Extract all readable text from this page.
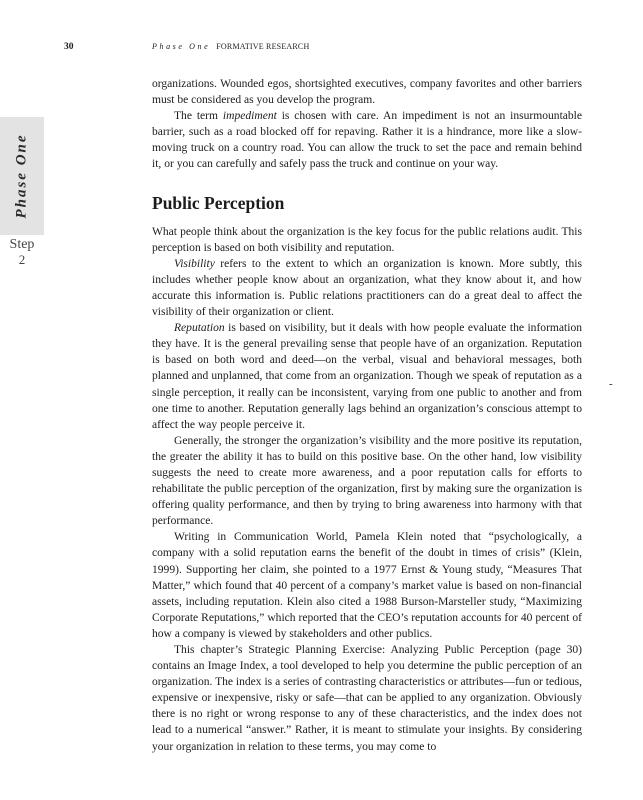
30	Phase One FORMATIVE RESEARCH
Phase One
Step
2
-

organizations. Wounded egos, shortsighted executives, company favorites and other barriers must be considered as you develop the program.

The term impediment is chosen with care. An impediment is not an insurmountable barrier, such as a road blocked off for repaving. Rather it is a hindrance, more like a slow-moving truck on a country road. You can allow the truck to set the pace and remain behind it, or you can carefully and safely pass the truck and continue on your way.

Public Perception

What people think about the organization is the key focus for the public relations audit. This perception is based on both visibility and reputation.

Visibility refers to the extent to which an organization is known. More subtly, this includes whether people know about an organization, what they know about it, and how accurate this information is. Public relations practitioners can do a great deal to affect the visibility of their organization or client.

Reputation is based on visibility, but it deals with how people evaluate the information they have. It is the general prevailing sense that people have of an organization. Reputation is based on both word and deed—on the verbal, visual and behavioral messages, both planned and unplanned, that come from an organization. Though we speak of reputation as a single perception, it really can be inconsistent, varying from one public to another and from one time to another. Reputation generally lags behind an organization’s conscious attempt to affect the way people perceive it.

Generally, the stronger the organization’s visibility and the more positive its reputation, the greater the ability it has to build on this positive base. On the other hand, low visibility suggests the need to create more awareness, and a poor reputation calls for efforts to rehabilitate the public perception of the organization, first by making sure the organization is offering quality performance, and then by trying to bring awareness into harmony with that performance.

Writing in Communication World, Pamela Klein noted that “psychologically, a company with a solid reputation earns the benefit of the doubt in times of crisis” (Klein, 1999). Supporting her claim, she pointed to a 1977 Ernst & Young study, “Measures That Matter,” which found that 40 percent of a company’s market value is based on non-financial assets, including reputation. Klein also cited a 1988 Burson-Marsteller study, “Maximizing Corporate Reputations,” which reported that the CEO’s reputation accounts for 40 percent of how a company is viewed by stakeholders and other publics.

This chapter’s Strategic Planning Exercise: Analyzing Public Perception (page 30) contains an Image Index, a tool developed to help you determine the public perception of an organization. The index is a series of contrasting characteristics or attributes—fun or tedious, expensive or inexpensive, risky or safe—that can be applied to any organization. Obviously there is no right or wrong response to any of these characteristics, and the index does not lead to a numerical “answer.” Rather, it is meant to stimulate your insights. By considering your organization in relation to these terms, you may come to
